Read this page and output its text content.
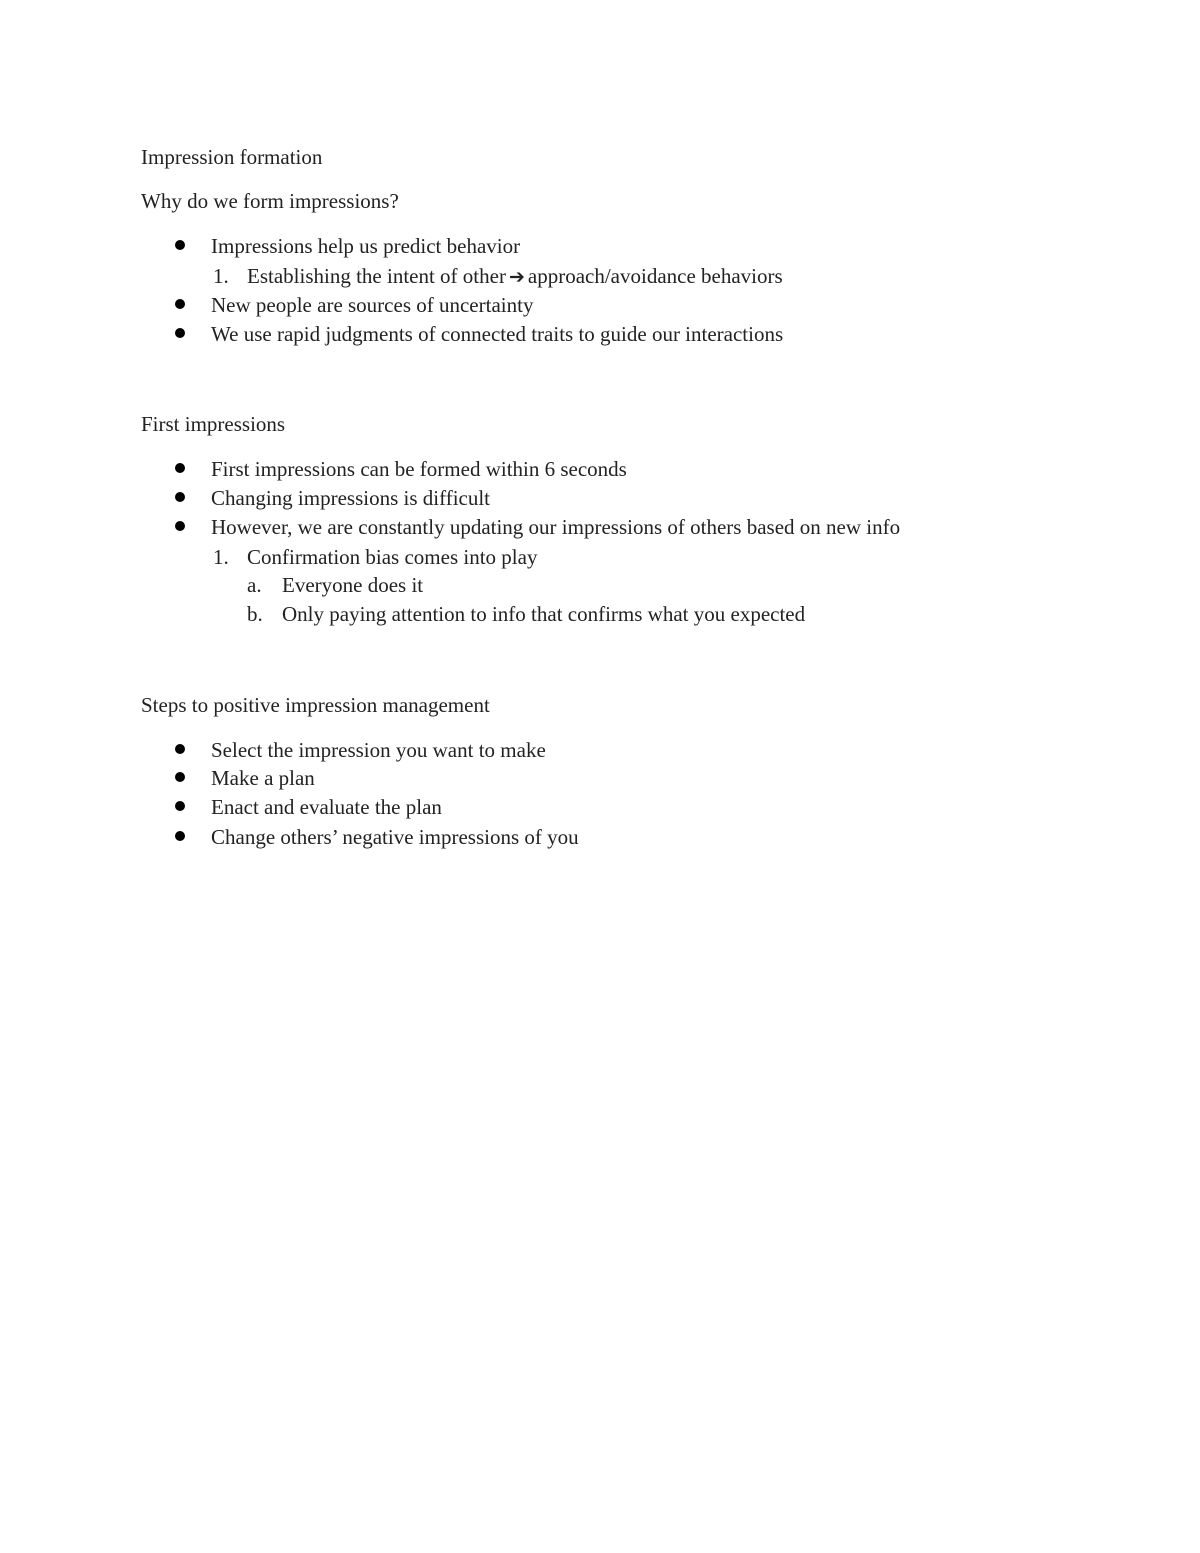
Impression formation
Why do we form impressions?
Impressions help us predict behavior
1. Establishing the intent of other ➔ approach/avoidance behaviors
New people are sources of uncertainty
We use rapid judgments of connected traits to guide our interactions
First impressions
First impressions can be formed within 6 seconds
Changing impressions is difficult
However, we are constantly updating our impressions of others based on new info
1. Confirmation bias comes into play
a. Everyone does it
b. Only paying attention to info that confirms what you expected
Steps to positive impression management
Select the impression you want to make
Make a plan
Enact and evaluate the plan
Change others’ negative impressions of you
